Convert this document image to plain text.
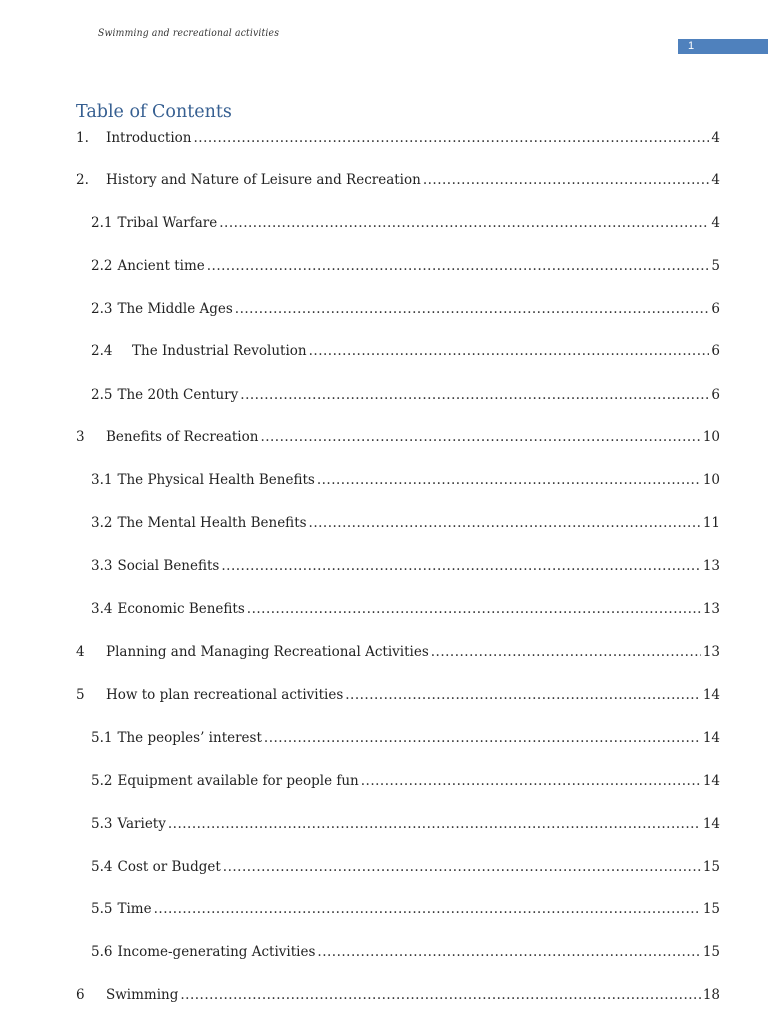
Swimming and recreational activities
1
Table of Contents
1.	Introduction .....	4
2.	History and Nature of Leisure and Recreation .....	4
2.1 Tribal Warfare .....	4
2.2 Ancient time .....	5
2.3 The Middle Ages .....	6
2.4	The Industrial Revolution .....	6
2.5 The 20th Century .....	6
3	Benefits of Recreation .....	10
3.1 The Physical Health Benefits .....	10
3.2 The Mental Health Benefits .....	11
3.3 Social Benefits .....	13
3.4 Economic Benefits .....	13
4	Planning and Managing Recreational Activities .....	13
5	How to plan recreational activities .....	14
5.1 The peoples’ interest .....	14
5.2 Equipment available for people fun .....	14
5.3 Variety .....	14
5.4 Cost or Budget .....	15
5.5 Time .....	15
5.6 Income-generating Activities .....	15
6	Swimming .....	18
